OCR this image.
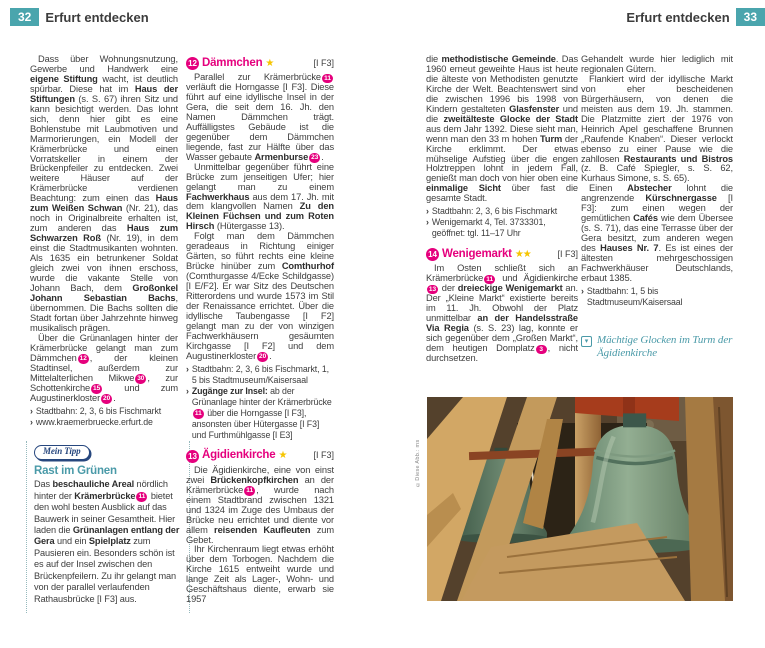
32	Erfurt entdecken	Erfurt entdecken	33

Dass über Wohnungsnutzung, Gewerbe und Handwerk eine eigene Stiftung wacht, ist deutlich spürbar. Diese hat im Haus der Stiftungen (s. S. 67) ihren Sitz und kann besichtigt werden. Das lohnt sich, denn hier gibt es eine Bohlenstube mit Laubmotiven und Marmorierungen, ein Modell der Krämerbrücke und einen Vorratskeller in einem der Brückenpfeiler zu entdecken. Zwei weitere Häuser auf der Krämerbrücke verdienen Beachtung: zum einen das Haus zum Weißen Schwan (Nr. 21), das noch in Originalbreite erhalten ist, zum anderen das Haus zum Schwarzen Roß (Nr. 19), in dem einst die Stadtmusikanten wohnten. Als 1635 ein betrunkener Soldat gleich zwei von ihnen erschoss, wurde die vakante Stelle von Johann Bach, dem Großonkel Johann Sebastian Bachs, übernommen. Die Bachs sollten die Stadt fortan über Jahrzehnte hinweg musikalisch prägen.

Über die Grünanlagen hinter der Krämerbrücke gelangt man zum Dämmchen 12 , der kleinen Stadtinsel, außerdem zur Mittelalterlichen Mikwe 30 , zur Schottenkirche 15 und zum Augustinerkloster 20 .

› Stadtbahn: 2, 3, 6 bis Fischmarkt
› www.kraemerbruecke.erfurt.de
Mein Tipp
Rast im Grünen

Das beschauliche Areal nördlich hinter der Krämerbrücke 11 bietet den wohl besten Ausblick auf das Bauwerk in seiner Gesamtheit. Hier laden die Grünanlagen entlang der Gera und ein Spielplatz zum Pausieren ein. Besonders schön ist es auf der Insel zwischen den Brückenpfeilern. Zu ihr gelangt man von der parallel verlaufenden Rathausbrücke [I F3] aus.

12 Dämmchen ★	[I F3]

Parallel zur Krämerbrücke 11 verläuft die Horngasse [I F3]. Diese führt auf eine idyllische Insel in der Gera, die seit dem 16. Jh. den Namen Dämmchen trägt. Auffälligstes Gebäude ist die gegenüber dem Dämmchen liegende, fast zur Hälfte über das Wasser gebaute Armenburse 23 .

Unmittelbar gegenüber führt eine Brücke zum jenseitigen Ufer; hier gelangt man zu einem Fachwerkhaus aus dem 17. Jh. mit dem klangvollen Namen Zu den Kleinen Füchsen und zum Roten Hirsch (Hütergasse 13).

Folgt man dem Dämmchen geradeaus in Richtung einiger Gärten, so führt rechts eine kleine Brücke hinüber zum Comthurhof (Comthurgasse 4/Ecke Schildgasse) [I E/F2]. Er war Sitz des Deutschen Ritterordens und wurde 1573 im Stil der Renaissance errichtet. Über die idyllische Taubengasse [I F2] gelangt man zu der von winzigen Fachwerkhäusern gesäumten Kirchgasse [I F2] und dem Augustinerkloster 20 .

› Stadtbahn: 2, 3, 6 bis Fischmarkt, 1, 5 bis Stadtmuseum/Kaisersaal
› Zugänge zur Insel: ab der Grünanlage hinter der Krämerbrücke11 über die Horngasse [I F3], ansonsten über Hütergasse [I F3] und Furthmühlgasse [I E3]
13 Ägidienkirche ★	[I F3]

Die Ägidienkirche, eine von einst zwei Brückenkopfkirchen an der Krämerbrücke 11 , wurde nach einem Stadtbrand zwischen 1321 und 1324 im Zuge des Umbaus der Brücke neu errichtet und diente vor allem reisenden Kaufleuten zum Gebet.

Ihr Kirchenraum liegt etwas erhöht über dem Torbogen. Nachdem die Kirche 1615 entweiht wurde und lange Zeit als Lager-, Wohn- und Geschäftshaus diente, erwarb sie 1957

die methodistische Gemeinde. Das 1960 erneut geweihte Haus ist heute die älteste von Methodisten genutzte Kirche der Welt. Beachtenswert sind die zwischen 1996 bis 1998 von Kindern gestalteten Glasfenster und die zweitälteste Glocke der Stadt aus dem Jahr 1392. Diese sieht man, wenn man den 33 m hohen Turm der Kirche erklimmt. Der etwas mühselige Aufstieg über die engen Holztreppen lohnt in jedem Fall, genießt man doch von hier oben eine einmalige Sicht über fast die gesamte Stadt.

› Stadtbahn: 2, 3, 6 bis Fischmarkt
› Wenigemarkt 4, Tel. 3733301, geöffnet: tgl. 11–17 Uhr
14 Wenigemarkt ★★	[I F3]

Im Osten schließt sich an Krämerbrücke 11 und Ägidienkirche13 der dreieckige Wenigemarkt an. Der „Kleine Markt“ existierte bereits im 11. Jh. Obwohl der Platz unmittelbar an der Handelsstraße Via Regia (s. S. 23) lag, konnte er sich gegenüber dem „Großen Markt“, dem heutigen Domplatz 3 , nicht durchsetzen.

Gehandelt wurde hier lediglich mit regionalen Gütern.

Flankiert wird der idyllische Markt von eher bescheidenen Bürgerhäusern, von denen die meisten aus dem 19. Jh. stammen. Die Platzmitte ziert der 1976 von Heinrich Apel geschaffene Brunnen „Raufende Knaben“. Dieser verlockt ebenso zu einer Pause wie die zahllosen Restaurants und Bistros (z. B. Café Spiegler, s. S. 62, Kurhaus Simone, s. S. 65).

Einen Abstecher lohnt die angrenzende Kürschnergasse [I F3]: zum einen wegen der gemütlichen Cafés wie dem Übersee (s. S. 71), das eine Terrasse über der Gera besitzt, zum anderen wegen des Hauses Nr. 7. Es ist eines der ältesten mehrgeschossigen Fachwerkhäuser Deutschlands, erbaut 1385.

› Stadtbahn: 1, 5 bis Stadtmuseum/Kaisersaal
▾ Mächtige Glocken im Turm der Ägidienkirche
©Diese Abb.: ms
